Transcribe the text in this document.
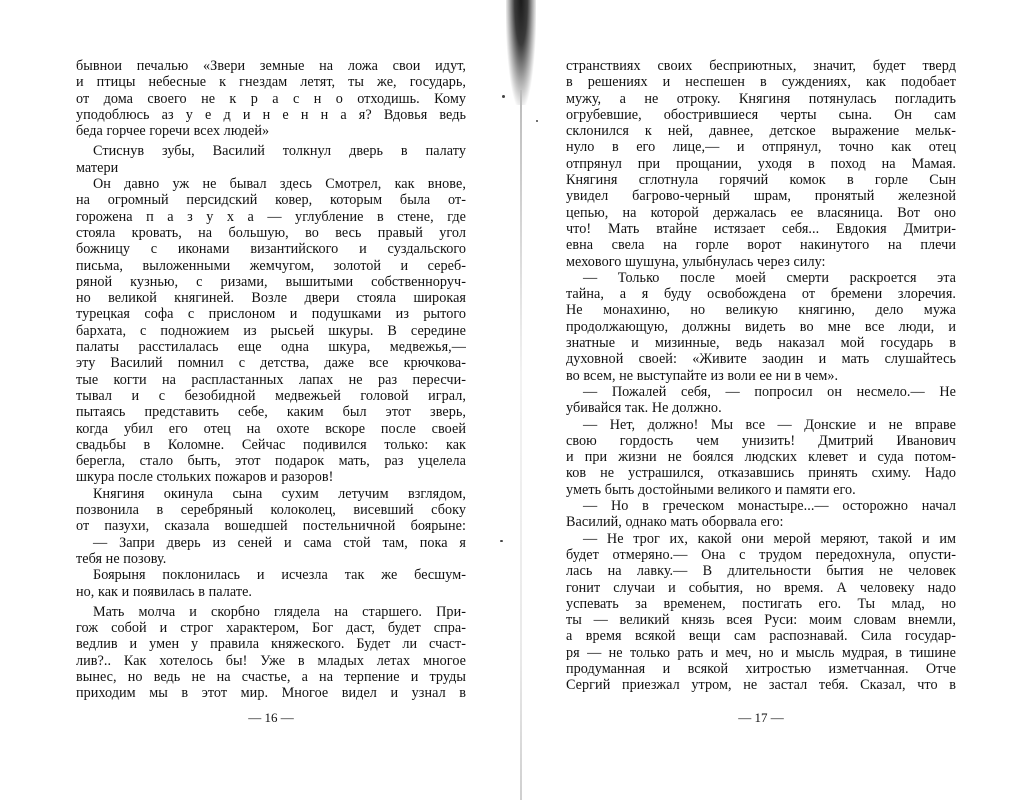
бывнои печалью «Звери земные на ложа свои идут,
и птицы небесные к гнездам летят, ты же, государь,
от дома своего не к р а с н о отходишь. Кому
уподоблюсь аз у е д и н е н н а я? Вдовья ведь
беда горчее горечи всех людей»
Стиснув зубы, Василий толкнул дверь в палату
матери
Он давно уж не бывал здесь Смотрел, как вновe,
на огромный персидский ковер, которым была от-
горожена п а з у х а — углубление в стене, где
стояла кровать, на большую, во весь правый угол
божницу с иконами византийского и суздальского
письма, выложенными жемчугом, золотой и сереб-
ряной кузнью, с ризами, вышитыми собственноруч-
но великой княгиней. Возле двери стояла широкая
турецкая софа с прислоном и подушками из рытого
бархата, с подножием из рысьей шкуры. В середине
палаты расстилалась еще одна шкура, медвежья,—
эту Василий помнил с детства, даже все крючкова-
тые когти на распластанных лапах не раз пересчи-
тывал и с безобидной медвежьей головой играл,
пытаясь представить себе, каким был этот зверь,
когда убил его отец на охоте вскоре после своей
свадьбы в Коломне. Сейчас подивился только: как
берегла, стало быть, этот подарок мать, раз уцелела
шкура после стольких пожаров и разоров!
Княгиня окинула сына сухим летучим взглядом,
позвонила в серебряный колоколец, висевший сбоку
от пазухи, сказала вошедшей постельничной боярыне:
— Запри дверь из сеней и сама стой там, пока я
тебя не позову.
Боярыня поклонилась и исчезла так же бесшум-
но, как и появилась в палате.
Мать молча и скорбно глядела на старшего. При-
гож собой и строг характером, Бог даст, будет спра-
ведлив и умен у правила княжеского. Будет ли счаст-
лив?.. Как хотелось бы! Уже в младых летах многое
вынес, но ведь не на счастье, а на терпение и труды
приходим мы в этот мир. Многое видел и узнал в
— 16 —
странствиях своих бесприютных, значит, будет тверд
в решениях и неспешен в суждениях, как подобает
мужу, а не отроку. Княгиня потянулась погладить
огрубевшие, обострившиеся черты сына. Он сам
склонился к ней, давнее, детское выражение мельк-
нуло в его лице,— и отпрянул, точно как отец
отпрянул при прощании, уходя в поход на Мамая.
Княгиня сглотнула горячий комок в горле Сын
увидел багрово-черный шрам, пронятый железной
цепью, на которой держалась ее власяница. Вот оно
что! Мать втайне истязает себя... Евдокия Дмитри-
евна свела на горле ворот накинутого на плечи
мехового шушуна, улыбнулась через силу:
— Только после моей смерти раскроется эта
тайна, а я буду освобождена от бремени злоречия.
Не монахиню, но великую княгиню, дело мужа
продолжающую, должны видеть во мне все люди, и
знатные и мизинные, ведь наказал мой государь в
духовной своей: «Живите заодин и мать слушайтесь
во всем, не выступайте из воли ее ни в чем».
— Пожалей себя, — попросил он несмело.— Не
убивайся так. Не должно.
— Нет, должно! Мы все — Донские и не вправе
свою гордость чем унизить! Дмитрий Иванович
и при жизни не боялся людских клевет и суда потом-
ков не устрашился, отказавшись принять схиму. Надо
уметь быть достойными великого и памяти его.
— Но в греческом монастыре...— осторожно начал
Василий, однако мать оборвала его:
— Не трог их, какой они мерой меряют, такой и им
будет отмеряно.— Она с трудом передохнула, опусти-
лась на лавку.— В длительности бытия не человек
гонит случаи и события, но время. А человеку надо
успевать за временем, постигать его. Ты млад, но
ты — великий князь всея Руси: моим словам внемли,
а время всякой вещи сам распознавай. Сила государ-
ря — не только рать и меч, но и мысль мудрая, в тишине
продуманная и всякой хитростью изметчанная. Отче
Сергий приезжал утром, не застал тебя. Сказал, что в
— 17 —
